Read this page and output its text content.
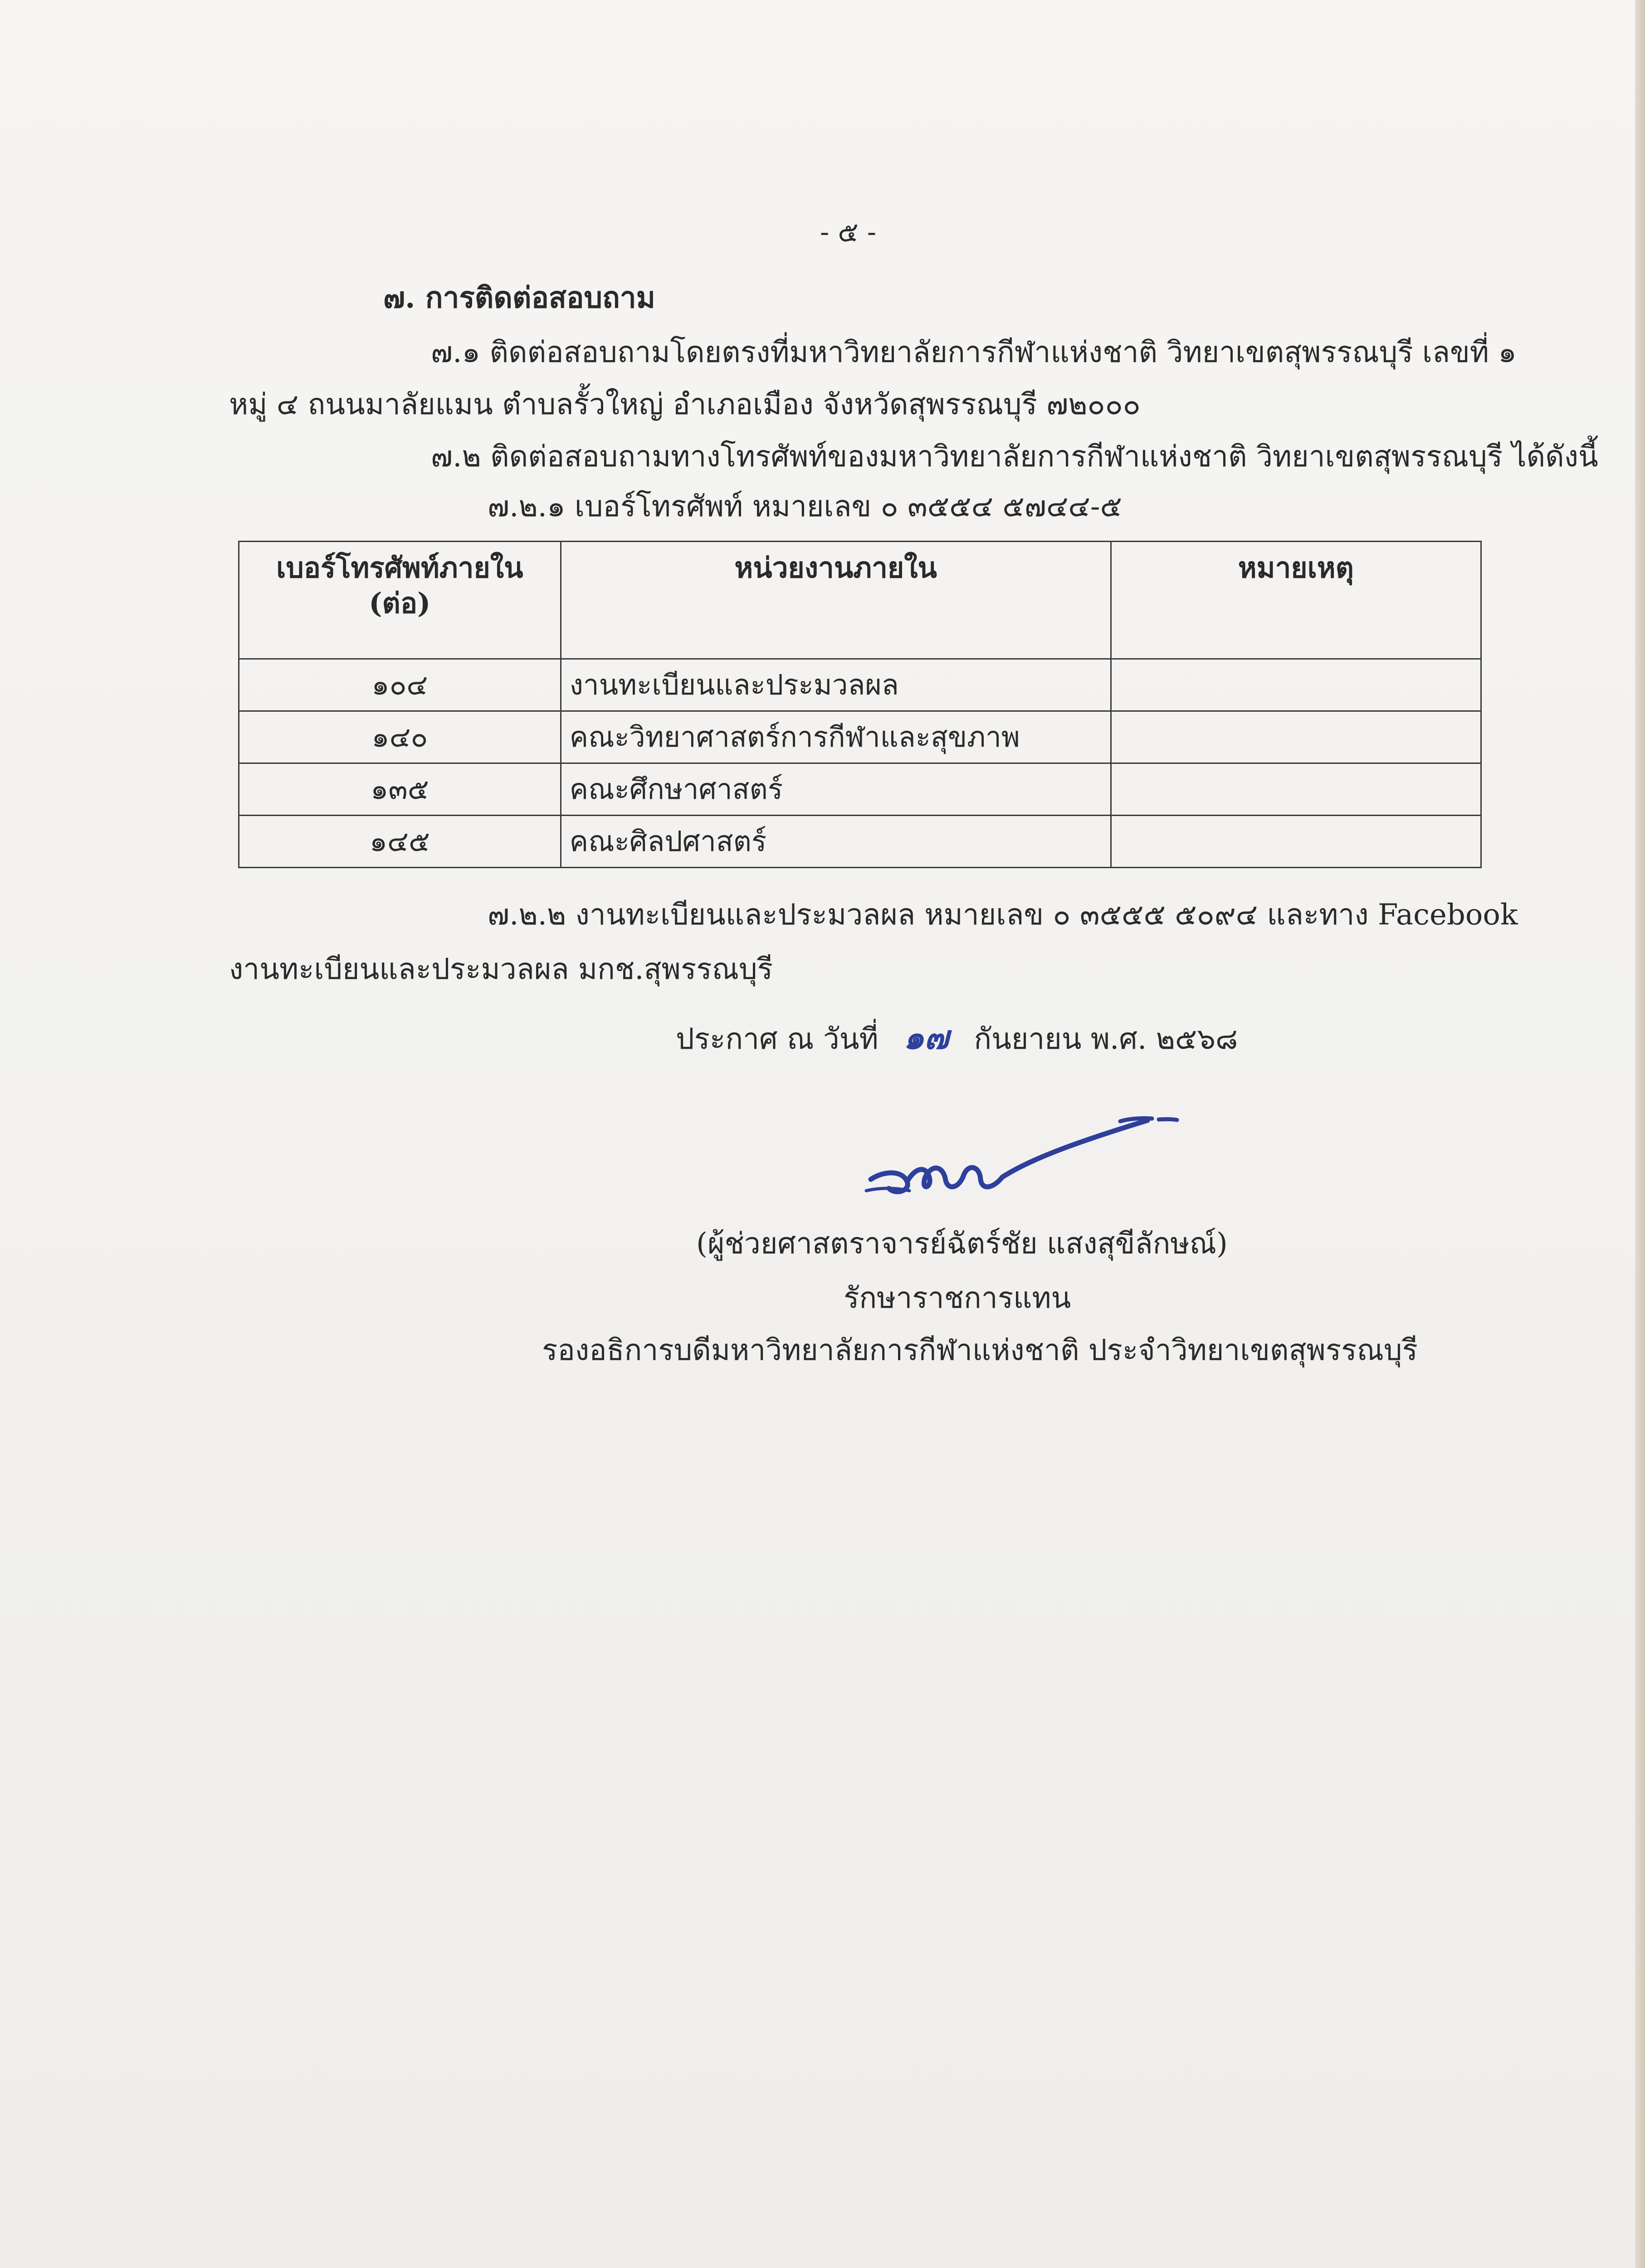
- ๕ -
๗. การติดต่อสอบถาม
๗.๑ ติดต่อสอบถามโดยตรงที่มหาวิทยาลัยการกีฬาแห่งชาติ วิทยาเขตสุพรรณบุรี เลขที่ ๑
หมู่ ๔ ถนนมาลัยแมน ตำบลรั้วใหญ่ อำเภอเมือง จังหวัดสุพรรณบุรี ๗๒๐๐๐
๗.๒ ติดต่อสอบถามทางโทรศัพท์ของมหาวิทยาลัยการกีฬาแห่งชาติ วิทยาเขตสุพรรณบุรี ได้ดังนี้
๗.๒.๑ เบอร์โทรศัพท์ หมายเลข ๐ ๓๕๕๔ ๕๗๔๔-๕
เบอร์โทรศัพท์ภายใน
(ต่อ)	หน่วยงานภายใน	หมายเหตุ
๑๐๔	งานทะเบียนและประมวลผล	
๑๔๐	คณะวิทยาศาสตร์การกีฬาและสุขภาพ	
๑๓๕	คณะศึกษาศาสตร์	
๑๔๕	คณะศิลปศาสตร์	
๗.๒.๒ งานทะเบียนและประมวลผล หมายเลข ๐ ๓๕๕๕ ๕๐๙๔ และทาง Facebook
งานทะเบียนและประมวลผล มกช.สุพรรณบุรี
ประกาศ ณ วันที่ ๑๗ กันยายน พ.ศ. ๒๕๖๘
(ผู้ช่วยศาสตราจารย์ฉัตร์ชัย แสงสุขีลักษณ์)
รักษาราชการแทน
รองอธิการบดีมหาวิทยาลัยการกีฬาแห่งชาติ ประจำวิทยาเขตสุพรรณบุรี
